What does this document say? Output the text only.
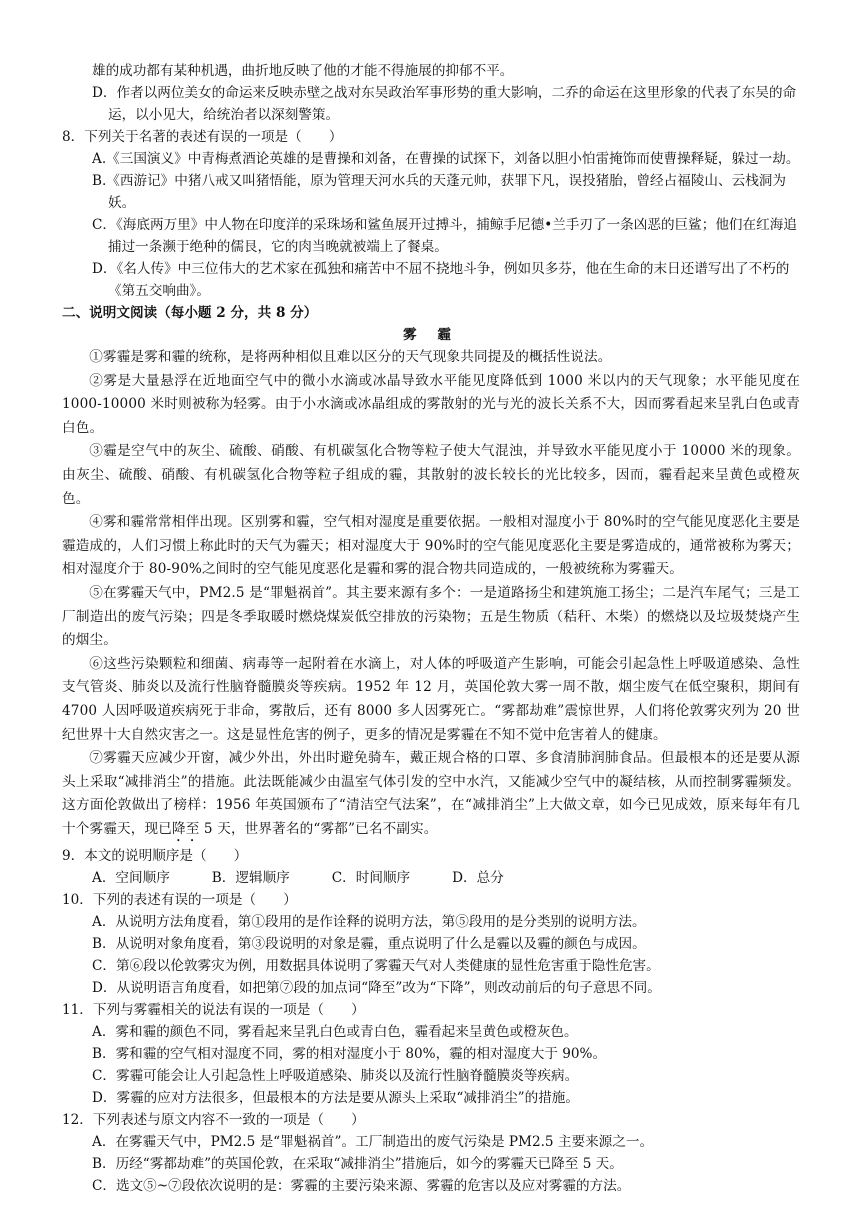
雄的成功都有某种机遇，曲折地反映了他的才能不得施展的抑郁不平。

D．作者以两位美女的命运来反映赤壁之战对东吴政治军事形势的重大影响，二乔的命运在这里形象的代表了东吴的命运，以小见大，给统治者以深刻警策。

8．下列关于名著的表述有误的一项是（　　）

A.《三国演义》中青梅煮酒论英雄的是曹操和刘备，在曹操的试探下，刘备以胆小怕雷掩饰而使曹操释疑，躲过一劫。

B.《西游记》中猪八戒又叫猪悟能，原为管理天河水兵的天蓬元帅，获罪下凡，误投猪胎，曾经占福陵山、云栈洞为妖。

C．《海底两万里》中人物在印度洋的采珠场和鲨鱼展开过搏斗，捕鲸手尼德•兰手刃了一条凶恶的巨鲨；他们在红海追捕过一条濒于绝种的儒艮，它的肉当晚就被端上了餐桌。

D．《名人传》中三位伟大的艺术家在孤独和痛苦中不屈不挠地斗争，例如贝多芬，他在生命的末日还谱写出了不朽的《第五交响曲》。

二、说明文阅读（每小题 2 分，共 8 分）

雾 霾

①雾霾是雾和霾的统称，是将两种相似且难以区分的天气现象共同提及的概括性说法。

②雾是大量悬浮在近地面空气中的微小水滴或冰晶导致水平能见度降低到 1000 米以内的天气现象；水平能见度在 1000-10000 米时则被称为轻雾。由于小水滴或冰晶组成的雾散射的光与光的波长关系不大，因而雾看起来呈乳白色或青白色。

③霾是空气中的灰尘、硫酸、硝酸、有机碳氢化合物等粒子使大气混浊，并导致水平能见度小于 10000 米的现象。由灰尘、硫酸、硝酸、有机碳氢化合物等粒子组成的霾，其散射的波长较长的光比较多，因而，霾看起来呈黄色或橙灰色。

④雾和霾常常相伴出现。区别雾和霾，空气相对湿度是重要依据。一般相对湿度小于 80%时的空气能见度恶化主要是霾造成的，人们习惯上称此时的天气为霾天；相对湿度大于 90%时的空气能见度恶化主要是雾造成的，通常被称为雾天；相对湿度介于 80-90%之间时的空气能见度恶化是霾和雾的混合物共同造成的，一般被统称为雾霾天。

⑤在雾霾天气中，PM2.5 是“罪魁祸首”。其主要来源有多个：一是道路扬尘和建筑施工扬尘；二是汽车尾气；三是工厂制造出的废气污染；四是冬季取暖时燃烧煤炭低空排放的污染物；五是生物质（秸秆、木柴）的燃烧以及垃圾焚烧产生的烟尘。

⑥这些污染颗粒和细菌、病毒等一起附着在水滴上，对人体的呼吸道产生影响，可能会引起急性上呼吸道感染、急性支气管炎、肺炎以及流行性脑脊髓膜炎等疾病。1952 年 12 月，英国伦敦大雾一周不散，烟尘废气在低空聚积，期间有 4700 人因呼吸道疾病死于非命，雾散后，还有 8000 多人因雾死亡。“雾都劫难”震惊世界，人们将伦敦雾灾列为 20 世纪世界十大自然灾害之一。这是显性危害的例子，更多的情况是雾霾在不知不觉中危害着人的健康。

⑦雾霾天应减少开窗，减少外出，外出时避免骑车，戴正规合格的口罩、多食清肺润肺食品。但最根本的还是要从源头上采取“减排消尘”的措施。此法既能减少由温室气体引发的空中水汽，又能减少空气中的凝结核，从而控制雾霾频发。这方面伦敦做出了榜样：1956 年英国颁布了“清洁空气法案”，在“减排消尘”上大做文章，如今已见成效，原来每年有几十个雾霾天，现已降至 5 天，世界著名的“雾都”已名不副实。

9．本文的说明顺序是（　　）

A．空间顺序	B．逻辑顺序	C．时间顺序	D．总分

10．下列的表述有误的一项是（　　）

A．从说明方法角度看，第①段用的是作诠释的说明方法，第⑤段用的是分类别的说明方法。

B．从说明对象角度看，第③段说明的对象是霾，重点说明了什么是霾以及霾的颜色与成因。

C．第⑥段以伦敦雾灾为例，用数据具体说明了雾霾天气对人类健康的显性危害重于隐性危害。

D．从说明语言角度看，如把第⑦段的加点词“降至”改为“下降”，则改动前后的句子意思不同。

11．下列与雾霾相关的说法有误的一项是（　　）

A．雾和霾的颜色不同，雾看起来呈乳白色或青白色，霾看起来呈黄色或橙灰色。

B．雾和霾的空气相对湿度不同，雾的相对湿度小于 80%，霾的相对湿度大于 90%。

C．雾霾可能会让人引起急性上呼吸道感染、肺炎以及流行性脑脊髓膜炎等疾病。

D．雾霾的应对方法很多，但最根本的方法是要从源头上采取“减排消尘”的措施。

12．下列表述与原文内容不一致的一项是（　　）

A．在雾霾天气中，PM2.5 是“罪魁祸首”。工厂制造出的废气污染是 PM2.5 主要来源之一。

B．历经“雾都劫难”的英国伦敦，在采取“减排消尘”措施后，如今的雾霾天已降至 5 天。

C．选文⑤~⑦段依次说明的是：雾霾的主要污染来源、雾霾的危害以及应对雾霾的方法。
